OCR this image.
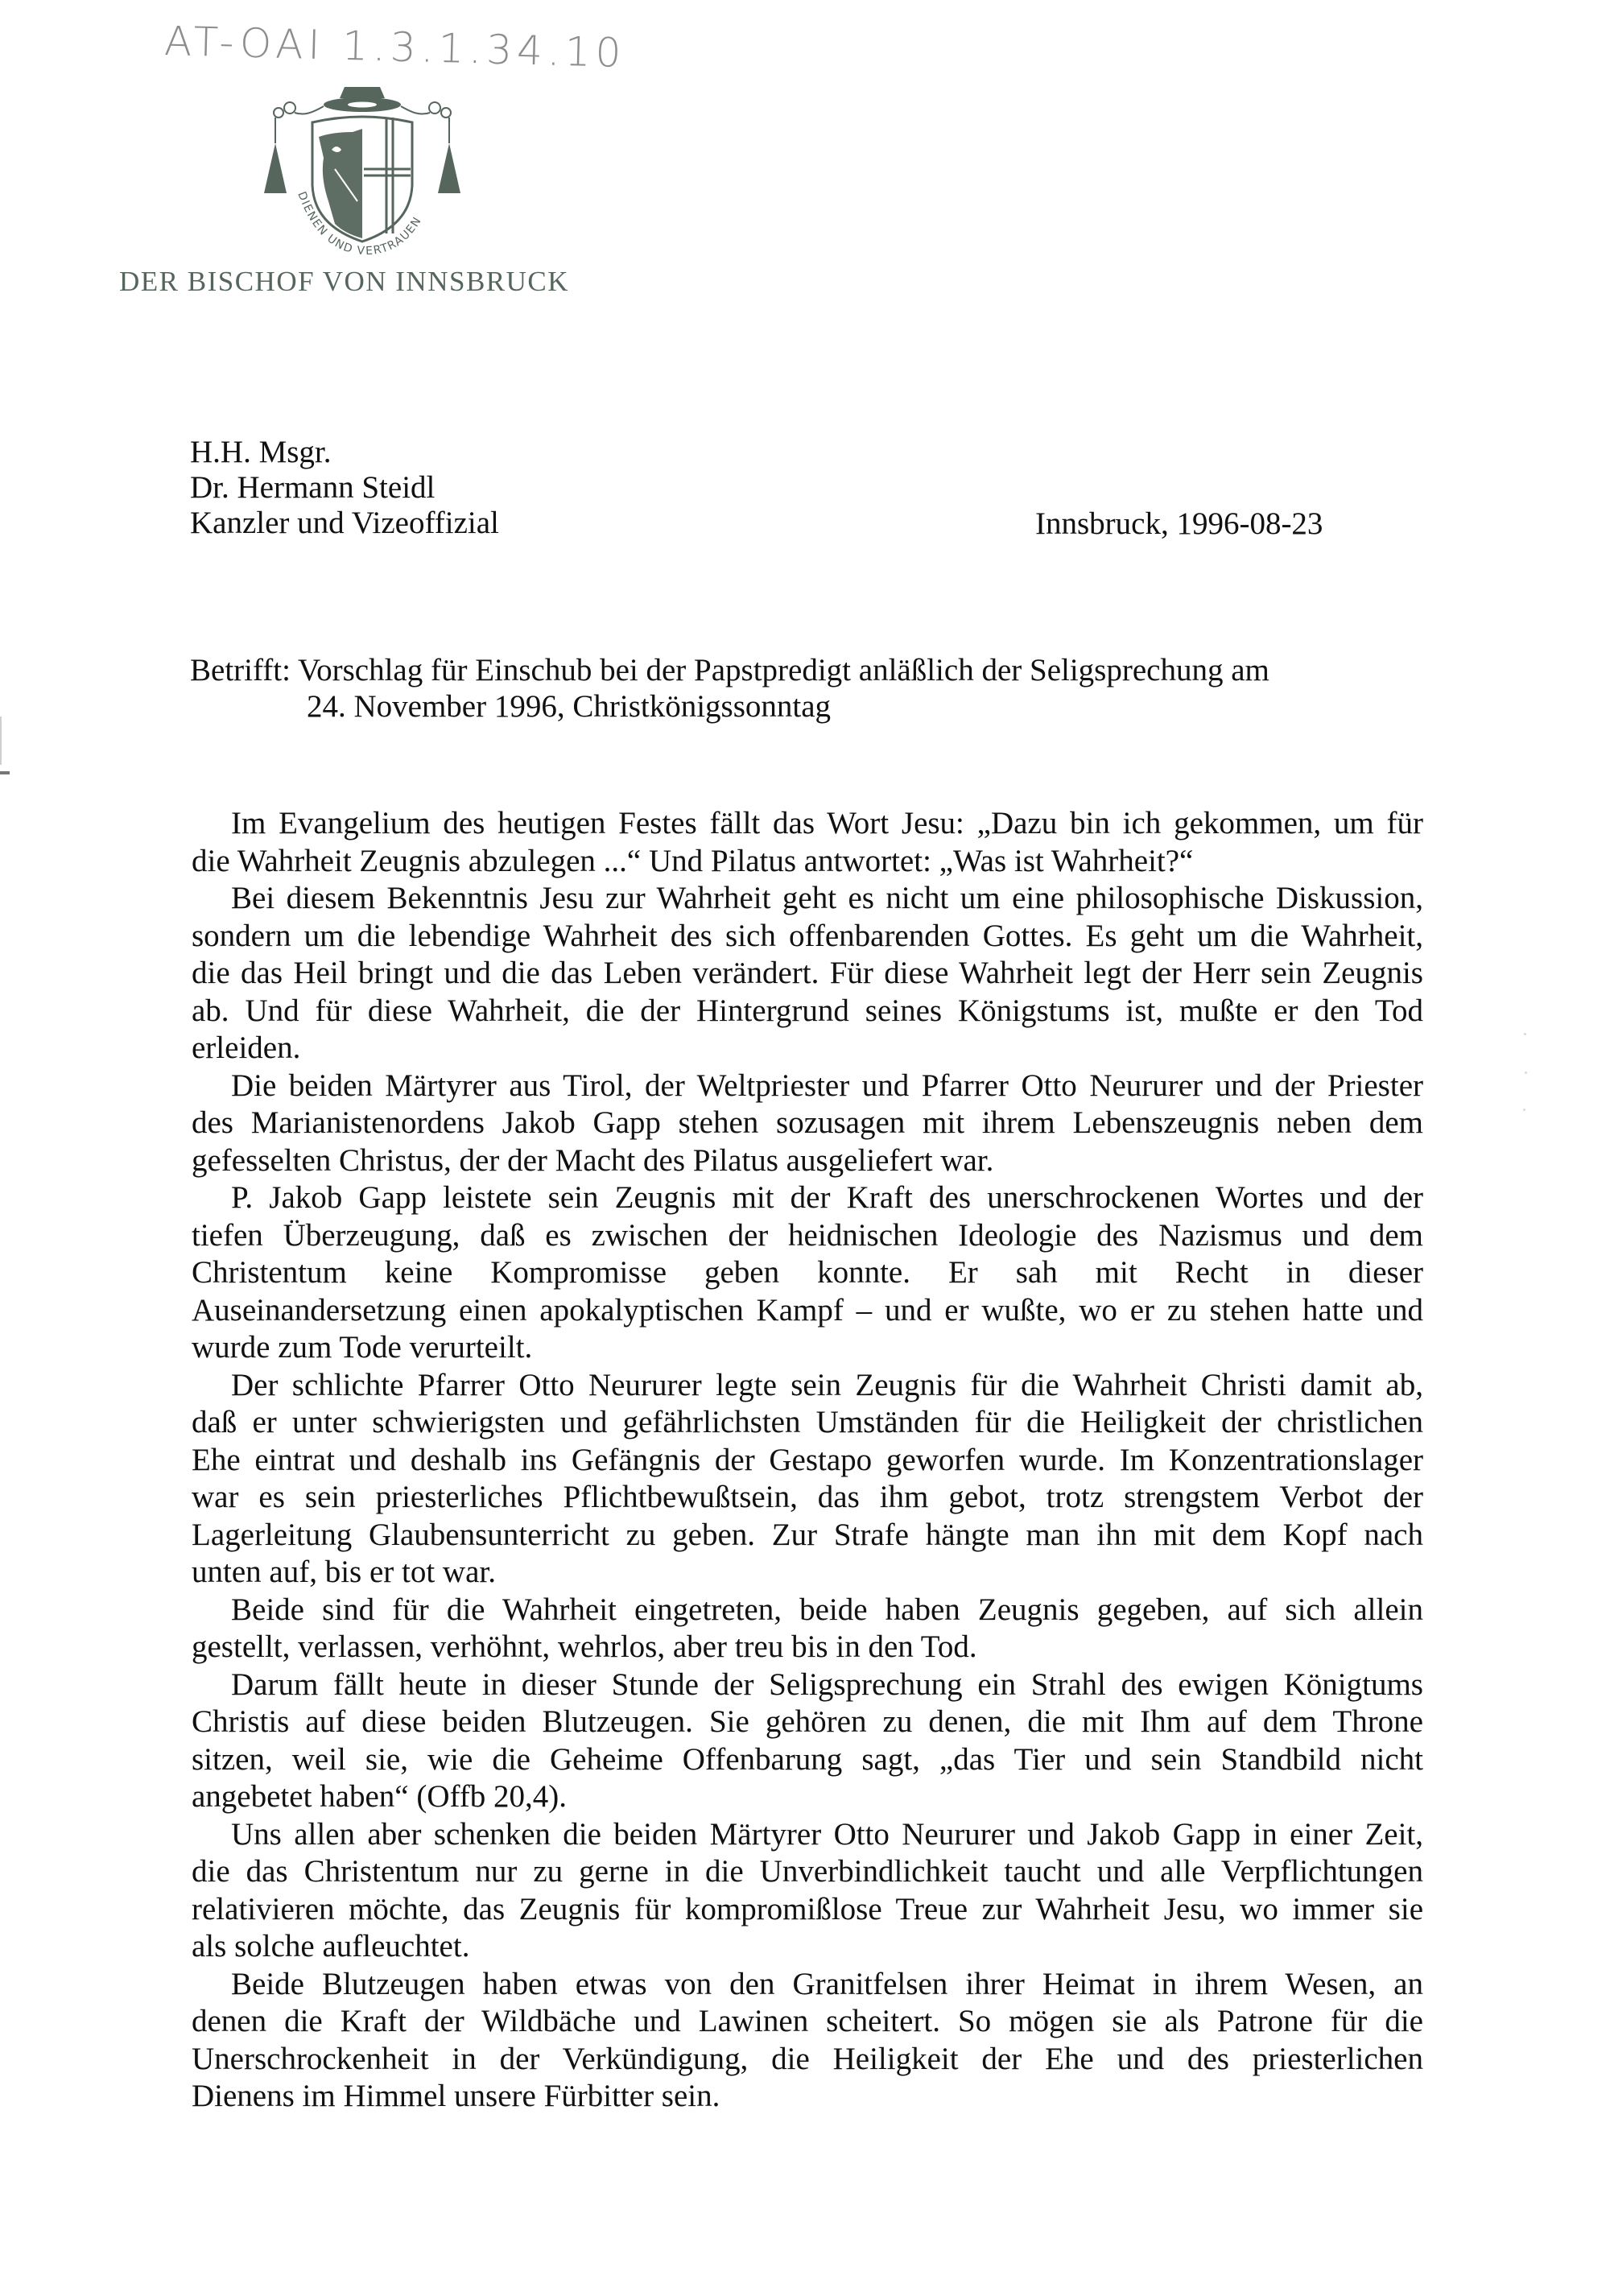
AT-OAI 1.3.1.34.10
DIENEN UND VERTRAUEN
DER BISCHOF VON INNSBRUCK
H.H. Msgr.
Dr. Hermann Steidl
Kanzler und Vizeoffizial	Innsbruck, 1996-08-23
Betrifft: Vorschlag für Einschub bei der Papstpredigt anläßlich der Seligsprechung am
24. November 1996, Christkönigssonntag
Im Evangelium des heutigen Festes fällt das Wort Jesu: „Dazu bin ich gekommen, um für
die Wahrheit Zeugnis abzulegen ...“ Und Pilatus antwortet: „Was ist Wahrheit?“
Bei diesem Bekenntnis Jesu zur Wahrheit geht es nicht um eine philosophische Diskussion,
sondern um die lebendige Wahrheit des sich offenbarenden Gottes. Es geht um die Wahrheit,
die das Heil bringt und die das Leben verändert. Für diese Wahrheit legt der Herr sein Zeugnis
ab. Und für diese Wahrheit, die der Hintergrund seines Königstums ist, mußte er den Tod
erleiden.
Die beiden Märtyrer aus Tirol, der Weltpriester und Pfarrer Otto Neururer und der Priester
des Marianistenordens Jakob Gapp stehen sozusagen mit ihrem Lebenszeugnis neben dem
gefesselten Christus, der der Macht des Pilatus ausgeliefert war.
P. Jakob Gapp leistete sein Zeugnis mit der Kraft des unerschrockenen Wortes und der
tiefen Überzeugung, daß es zwischen der heidnischen Ideologie des Nazismus und dem
Christentum keine Kompromisse geben konnte. Er sah mit Recht in dieser
Auseinandersetzung einen apokalyptischen Kampf – und er wußte, wo er zu stehen hatte und
wurde zum Tode verurteilt.
Der schlichte Pfarrer Otto Neururer legte sein Zeugnis für die Wahrheit Christi damit ab,
daß er unter schwierigsten und gefährlichsten Umständen für die Heiligkeit der christlichen
Ehe eintrat und deshalb ins Gefängnis der Gestapo geworfen wurde. Im Konzentrationslager
war es sein priesterliches Pflichtbewußtsein, das ihm gebot, trotz strengstem Verbot der
Lagerleitung Glaubensunterricht zu geben. Zur Strafe hängte man ihn mit dem Kopf nach
unten auf, bis er tot war.
Beide sind für die Wahrheit eingetreten, beide haben Zeugnis gegeben, auf sich allein
gestellt, verlassen, verhöhnt, wehrlos, aber treu bis in den Tod.
Darum fällt heute in dieser Stunde der Seligsprechung ein Strahl des ewigen Königtums
Christis auf diese beiden Blutzeugen. Sie gehören zu denen, die mit Ihm auf dem Throne
sitzen, weil sie, wie die Geheime Offenbarung sagt, „das Tier und sein Standbild nicht
angebetet haben“ (Offb 20,4).
Uns allen aber schenken die beiden Märtyrer Otto Neururer und Jakob Gapp in einer Zeit,
die das Christentum nur zu gerne in die Unverbindlichkeit taucht und alle Verpflichtungen
relativieren möchte, das Zeugnis für kompromißlose Treue zur Wahrheit Jesu, wo immer sie
als solche aufleuchtet.
Beide Blutzeugen haben etwas von den Granitfelsen ihrer Heimat in ihrem Wesen, an
denen die Kraft der Wildbäche und Lawinen scheitert. So mögen sie als Patrone für die
Unerschrockenheit in der Verkündigung, die Heiligkeit der Ehe und des priesterlichen
Dienens im Himmel unsere Fürbitter sein.
